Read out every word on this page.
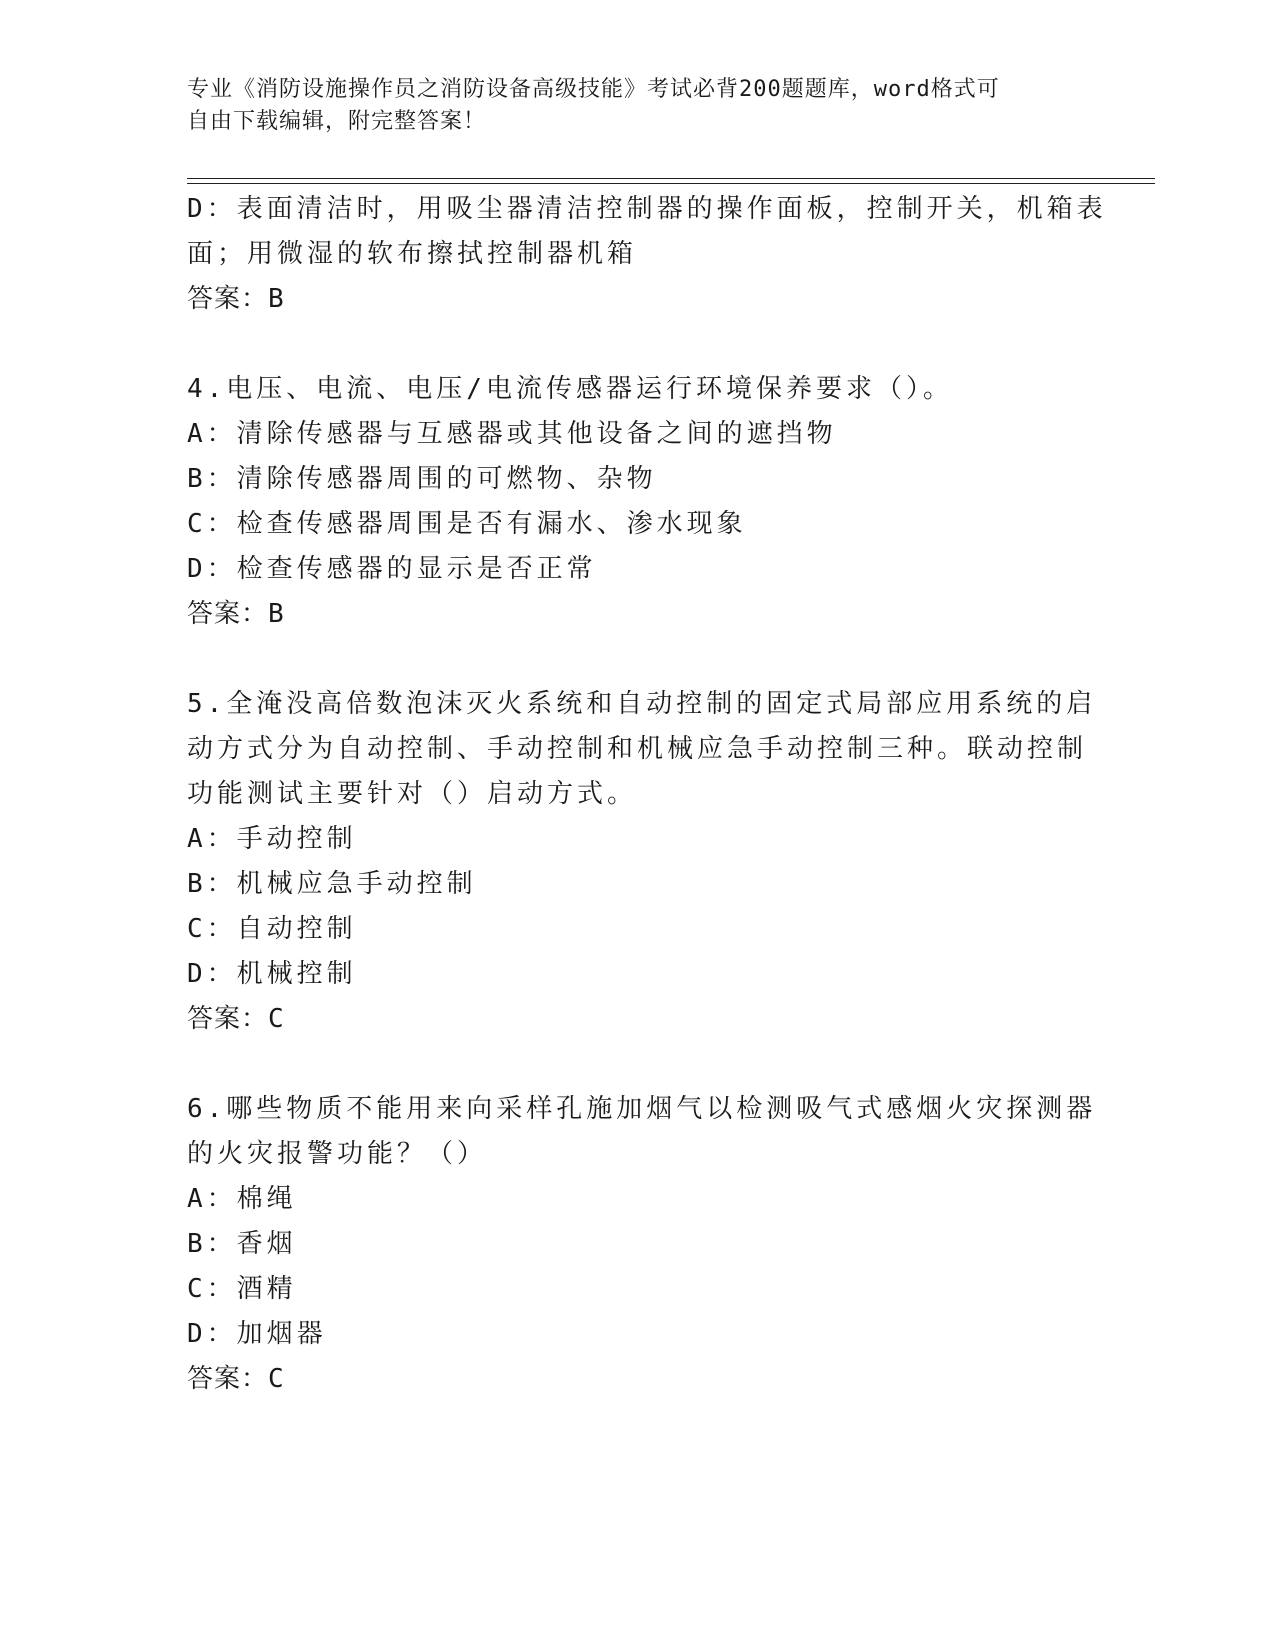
专业《消防设施操作员之消防设备高级技能》考试必背200题题库，word格式可
自由下载编辑，附完整答案！
D：表面清洁时，用吸尘器清洁控制器的操作面板，控制开关，机箱表
面；用微湿的软布擦拭控制器机箱
答案：B
4.电压、电流、电压/电流传感器运行环境保养要求（）。
A：清除传感器与互感器或其他设备之间的遮挡物
B：清除传感器周围的可燃物、杂物
C：检查传感器周围是否有漏水、渗水现象
D：检查传感器的显示是否正常
答案：B
5.全淹没高倍数泡沫灭火系统和自动控制的固定式局部应用系统的启
动方式分为自动控制、手动控制和机械应急手动控制三种。联动控制
功能测试主要针对（）启动方式。
A：手动控制
B：机械应急手动控制
C：自动控制
D：机械控制
答案：C
6.哪些物质不能用来向采样孔施加烟气以检测吸气式感烟火灾探测器
的火灾报警功能？（）
A：棉绳
B：香烟
C：酒精
D：加烟器
答案：C
